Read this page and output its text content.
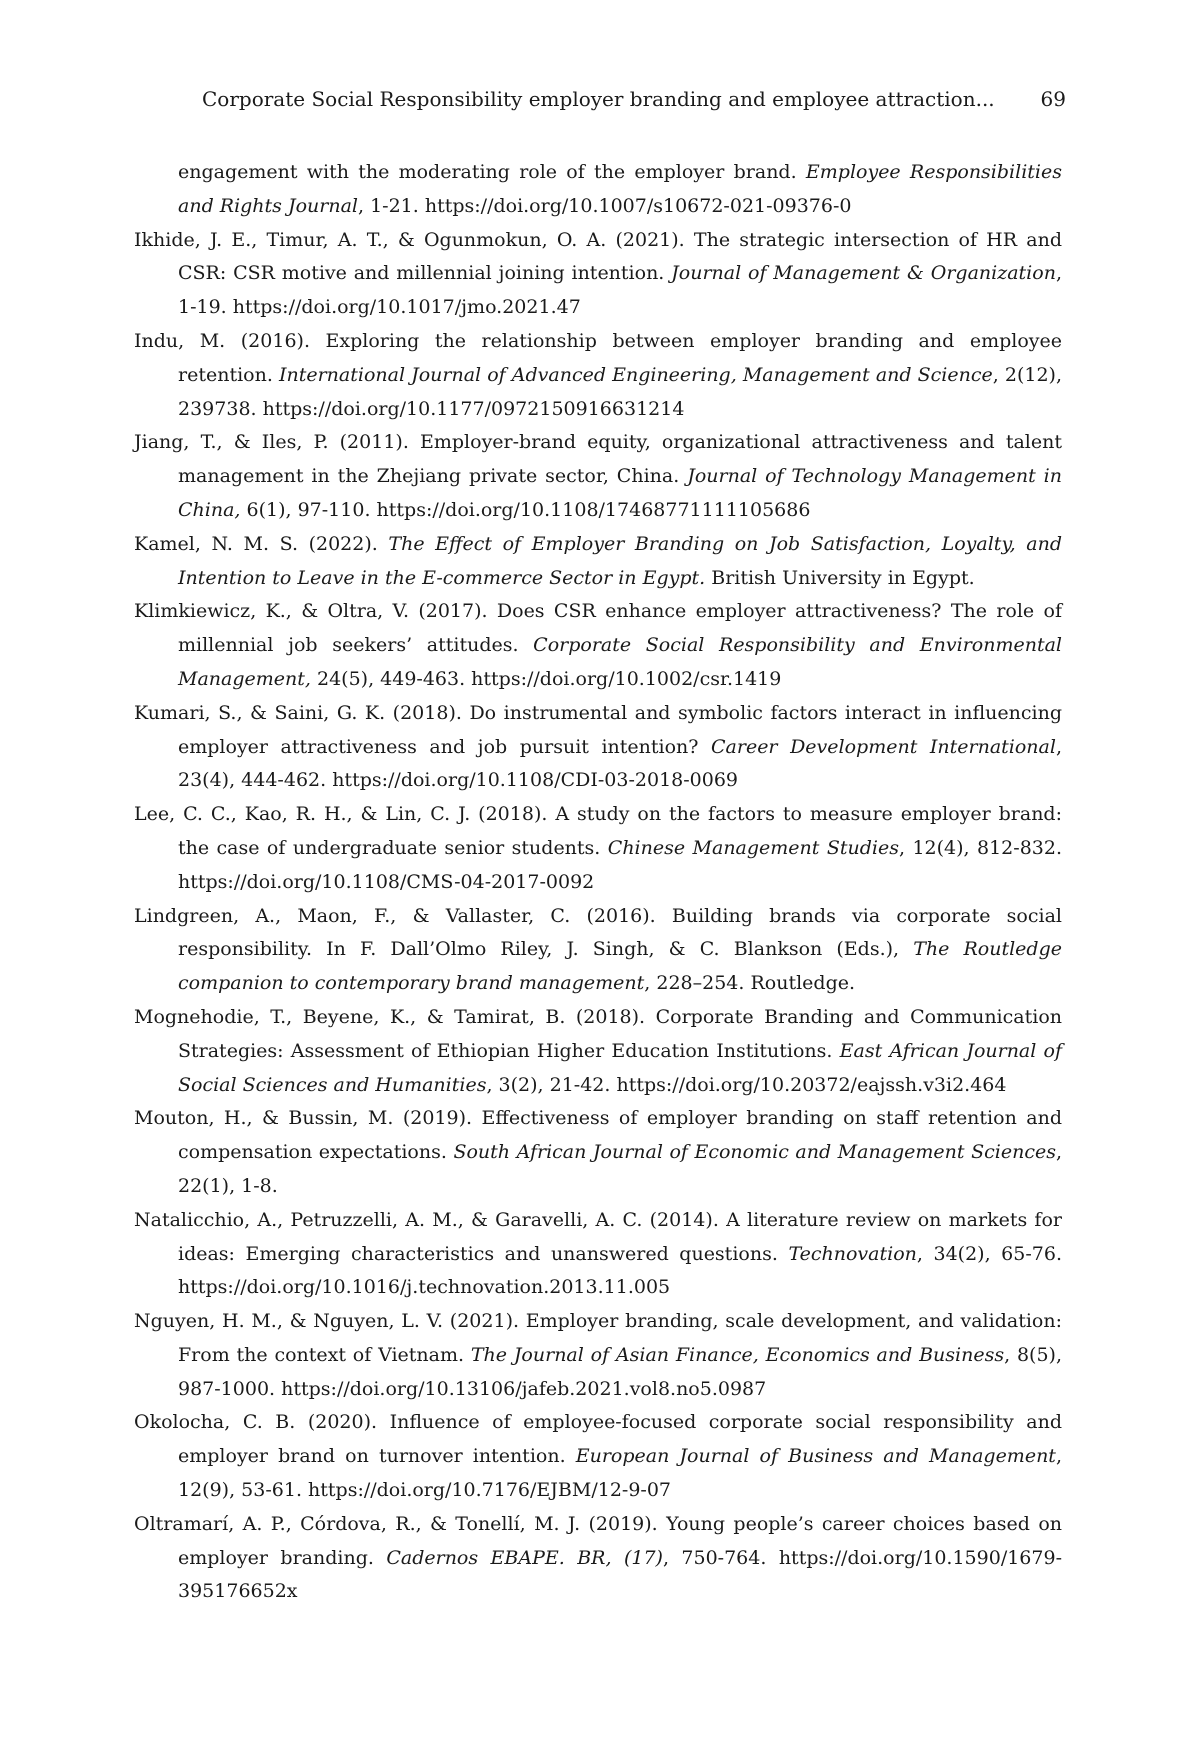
Corporate Social Responsibility employer branding and employee attraction... 69

engagement with the moderating role of the employer brand. Employee Responsibilities and Rights Journal, 1-21. https://doi.org/10.1007/s10672-021-09376-0

Ikhide, J. E., Timur, A. T., & Ogunmokun, O. A. (2021). The strategic intersection of HR and CSR: CSR motive and millennial joining intention. Journal of Management & Organization, 1-19. https://doi.org/10.1017/jmo.2021.47

Indu, M. (2016). Exploring the relationship between employer branding and employee retention. International Journal of Advanced Engineering, Management and Science, 2(12), 239738. https://doi.org/10.1177/0972150916631214

Jiang, T., & Iles, P. (2011). Employer-brand equity, organizational attractiveness and talent management in the Zhejiang private sector, China. Journal of Technology Management in China, 6(1), 97-110. https://doi.org/10.1108/17468771111105686

Kamel, N. M. S. (2022). The Effect of Employer Branding on Job Satisfaction, Loyalty, and Intention to Leave in the E-commerce Sector in Egypt. British University in Egypt.

Klimkiewicz, K., & Oltra, V. (2017). Does CSR enhance employer attractiveness? The role of millennial job seekers’ attitudes. Corporate Social Responsibility and Environmental Management, 24(5), 449-463. https://doi.org/10.1002/csr.1419

Kumari, S., & Saini, G. K. (2018). Do instrumental and symbolic factors interact in influencing employer attractiveness and job pursuit intention? Career Development International, 23(4), 444-462. https://doi.org/10.1108/CDI-03-2018-0069

Lee, C. C., Kao, R. H., & Lin, C. J. (2018). A study on the factors to measure employer brand: the case of undergraduate senior students. Chinese Management Studies, 12(4), 812-832. https://doi.org/10.1108/CMS-04-2017-0092

Lindgreen, A., Maon, F., & Vallaster, C. (2016). Building brands via corporate social responsibility. In F. Dall’Olmo Riley, J. Singh, & C. Blankson (Eds.), The Routledge companion to contemporary brand management, 228–254. Routledge.

Mognehodie, T., Beyene, K., & Tamirat, B. (2018). Corporate Branding and Communication Strategies: Assessment of Ethiopian Higher Education Institutions. East African Journal of Social Sciences and Humanities, 3(2), 21-42. https://doi.org/10.20372/eajssh.v3i2.464

Mouton, H., & Bussin, M. (2019). Effectiveness of employer branding on staff retention and compensation expectations. South African Journal of Economic and Management Sciences, 22(1), 1-8.

Natalicchio, A., Petruzzelli, A. M., & Garavelli, A. C. (2014). A literature review on markets for ideas: Emerging characteristics and unanswered questions. Technovation, 34(2), 65-76. https://doi.org/10.1016/j.technovation.2013.11.005

Nguyen, H. M., & Nguyen, L. V. (2021). Employer branding, scale development, and validation: From the context of Vietnam. The Journal of Asian Finance, Economics and Business, 8(5), 987-1000. https://doi.org/10.13106/jafeb.2021.vol8.no5.0987

Okolocha, C. B. (2020). Influence of employee-focused corporate social responsibility and employer brand on turnover intention. European Journal of Business and Management, 12(9), 53-61. https://doi.org/10.7176/EJBM/12-9-07

Oltramarí, A. P., Córdova, R., & Tonellí, M. J. (2019). Young people’s career choices based on employer branding. Cadernos EBAPE. BR, (17), 750-764. https://doi.org/10.1590/1679-395176652x
